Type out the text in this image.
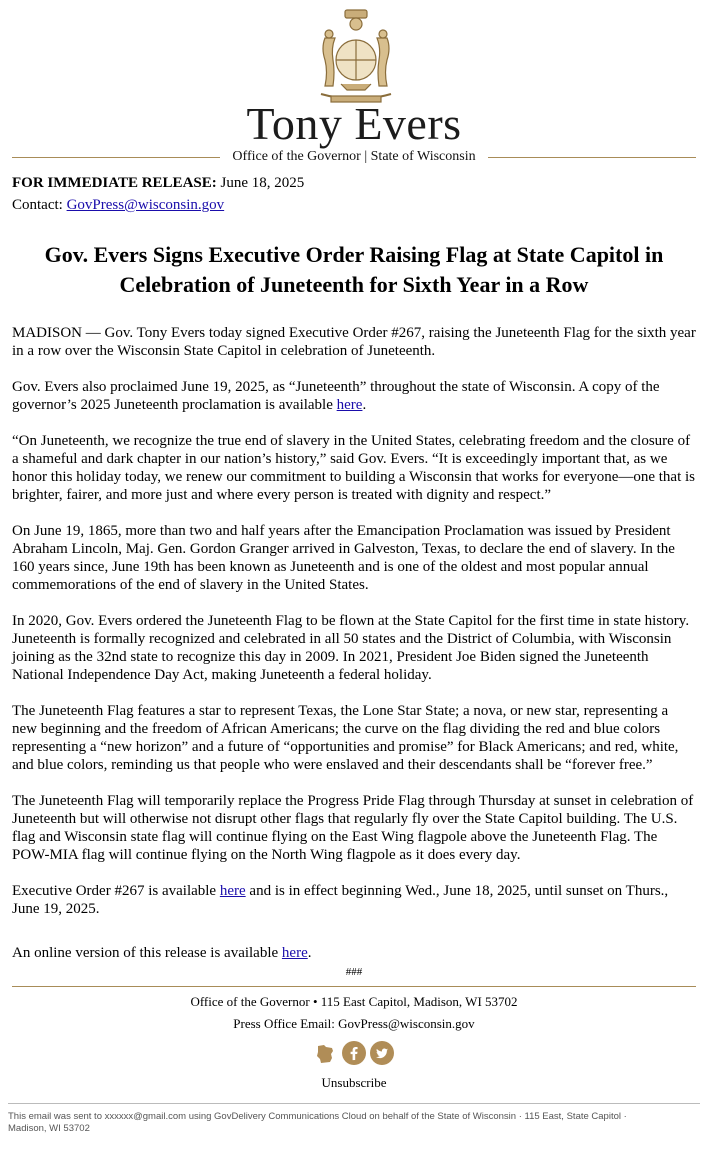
Tony Evers
Office of the Governor | State of Wisconsin
FOR IMMEDIATE RELEASE: June 18, 2025
Contact: GovPress@wisconsin.gov
Gov. Evers Signs Executive Order Raising Flag at State Capitol in Celebration of Juneteenth for Sixth Year in a Row

MADISON — Gov. Tony Evers today signed Executive Order #267, raising the Juneteenth Flag for the sixth year in a row over the Wisconsin State Capitol in celebration of Juneteenth.

Gov. Evers also proclaimed June 19, 2025, as “Juneteenth” throughout the state of Wisconsin. A copy of the governor’s 2025 Juneteenth proclamation is available here.

“On Juneteenth, we recognize the true end of slavery in the United States, celebrating freedom and the closure of a shameful and dark chapter in our nation’s history,” said Gov. Evers. “It is exceedingly important that, as we honor this holiday today, we renew our commitment to building a Wisconsin that works for everyone—one that is brighter, fairer, and more just and where every person is treated with dignity and respect.”

On June 19, 1865, more than two and half years after the Emancipation Proclamation was issued by President Abraham Lincoln, Maj. Gen. Gordon Granger arrived in Galveston, Texas, to declare the end of slavery. In the 160 years since, June 19th has been known as Juneteenth and is one of the oldest and most popular annual commemorations of the end of slavery in the United States.

In 2020, Gov. Evers ordered the Juneteenth Flag to be flown at the State Capitol for the first time in state history. Juneteenth is formally recognized and celebrated in all 50 states and the District of Columbia, with Wisconsin joining as the 32nd state to recognize this day in 2009. In 2021, President Joe Biden signed the Juneteenth National Independence Day Act, making Juneteenth a federal holiday.

The Juneteenth Flag features a star to represent Texas, the Lone Star State; a nova, or new star, representing a new beginning and the freedom of African Americans; the curve on the flag dividing the red and blue colors representing a “new horizon” and a future of “opportunities and promise” for Black Americans; and red, white, and blue colors, reminding us that people who were enslaved and their descendants shall be “forever free.”

The Juneteenth Flag will temporarily replace the Progress Pride Flag through Thursday at sunset in celebration of Juneteenth but will otherwise not disrupt other flags that regularly fly over the State Capitol building. The U.S. flag and Wisconsin state flag will continue flying on the East Wing flagpole above the Juneteenth Flag. The POW-MIA flag will continue flying on the North Wing flagpole as it does every day.

Executive Order #267 is available here and is in effect beginning Wed., June 18, 2025, until sunset on Thurs., June 19, 2025.

An online version of this release is available here.

###
Office of the Governor • 115 East Capitol, Madison, WI 53702
Press Office Email: GovPress@wisconsin.gov
Unsubscribe
This email was sent to xxxxxx@gmail.com using GovDelivery Communications Cloud on behalf of the State of Wisconsin · 115 East, State Capitol · Madison, WI 53702
